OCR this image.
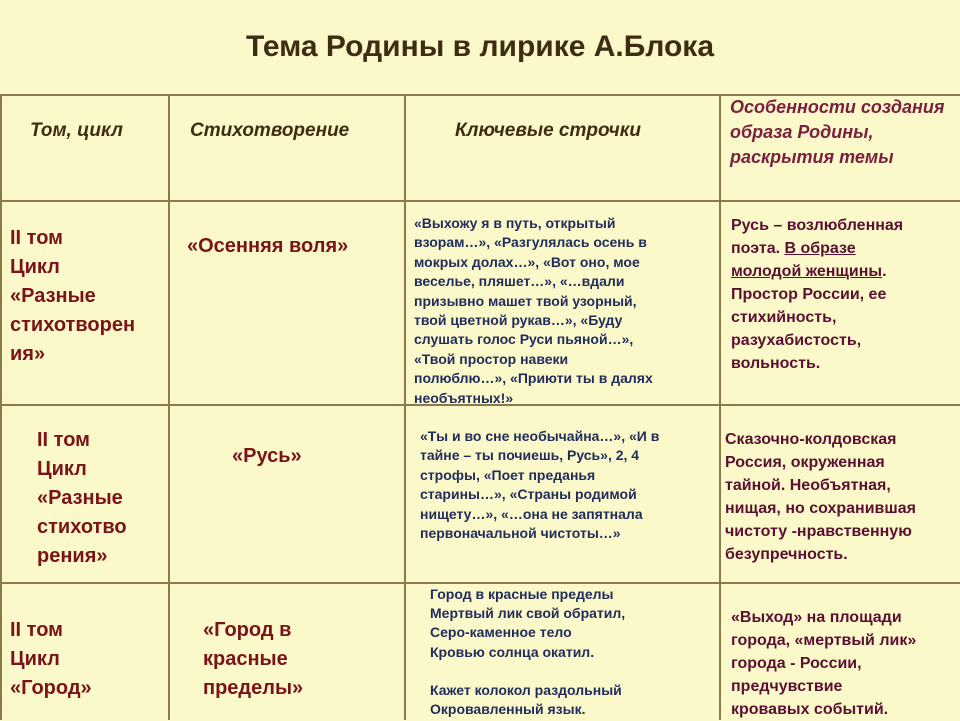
Тема Родины в лирике А.Блока
Том, цикл	Стихотворение	Ключевые строчки
Особенности создания образа Родины, раскрытия темы
II том
Цикл
«Разные
стихотворен
ия»
«Осенняя воля»
«Выхожу я в путь, открытый
взорам…», «Разгулялась осень в
мокрых долах…», «Вот оно, мое
веселье, пляшет…», «…вдали
призывно машет твой узорный,
твой цветной рукав…», «Буду
слушать голос Руси пьяной…»,
«Твой простор навеки
полюблю…», «Приюти ты в далях
необъятных!»
Русь – возлюбленная
поэта. В образе
молодой женщины.
Простор России, ее
стихийность,
разухабистость,
вольность.
II том
Цикл
«Разные
стихотво
рения»
«Русь»
«Ты и во сне необычайна…», «И в
тайне – ты почиешь, Русь», 2, 4
строфы, «Поет преданья
старины…», «Страны родимой
нищету…», «…она не запятнала
первоначальной чистоты…»
Сказочно-колдовская
Россия, окруженная
тайной. Необъятная,
нищая, но сохранившая
чистоту -нравственную
безупречность.
II том
Цикл
«Город»
«Город в
красные
пределы»
Город в красные пределы
Мертвый лик свой обратил,
Серо-каменное тело
Кровью солнца окатил.
Кажет колокол раздольный
Окровавленный язык.
«Выход» на площади
города, «мертвый лик»
города - России,
предчувствие
кровавых событий.
